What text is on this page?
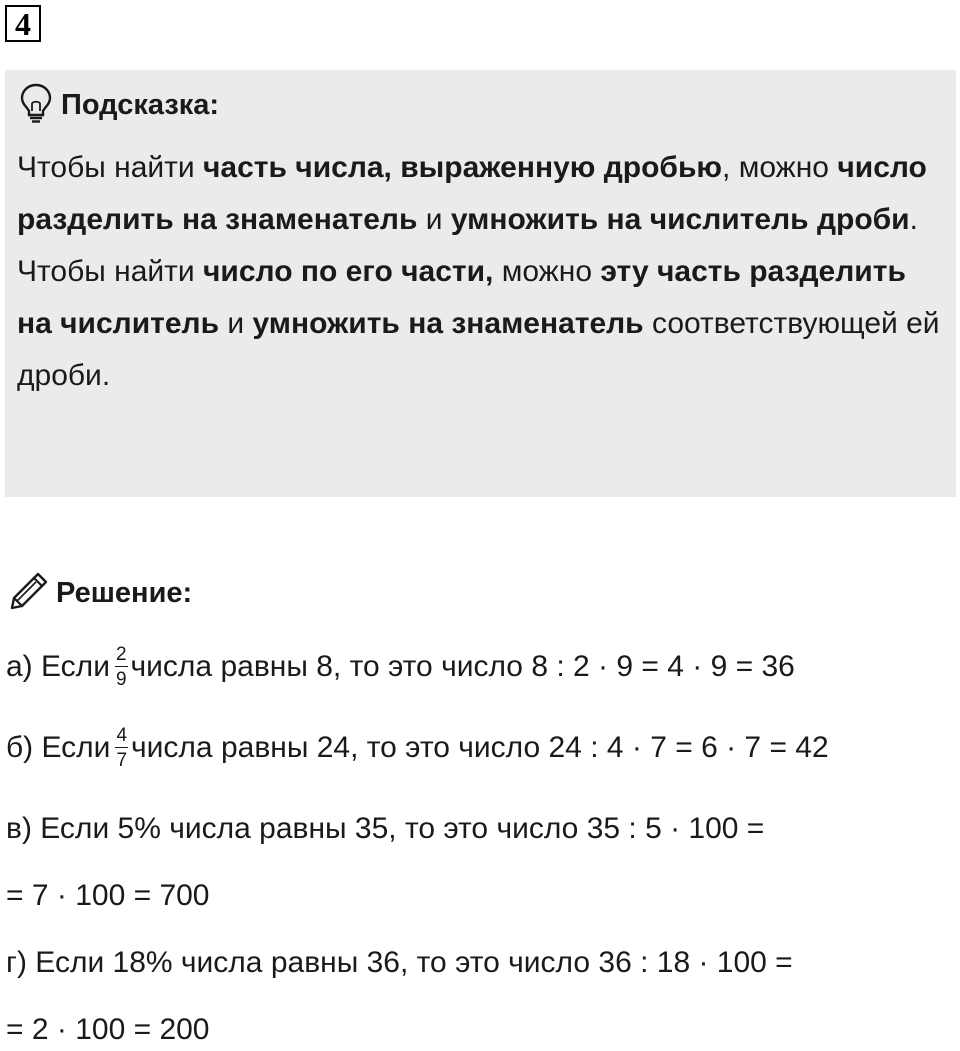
4
Подсказка:

Чтобы найти часть числа, выраженную дробью, можно число разделить на знаменатель и умножить на числитель дроби.

Чтобы найти число по его части, можно эту часть разделить на числитель и умножить на знаменатель соответствующей ей дроби.

Решение:
а) Если $\frac{2}{9}$ числа равны 8, то это число 8 : 2 · 9 = 4 · 9 = 36
б) Если $\frac{4}{7}$ числа равны 24, то это число 24 : 4 · 7 = 6 · 7 = 42
в) Если 5% числа равны 35, то это число 35 : 5 · 100 =
= 7 · 100 = 700
г) Если 18% числа равны 36, то это число 36 : 18 · 100 =
= 2 · 100 = 200
